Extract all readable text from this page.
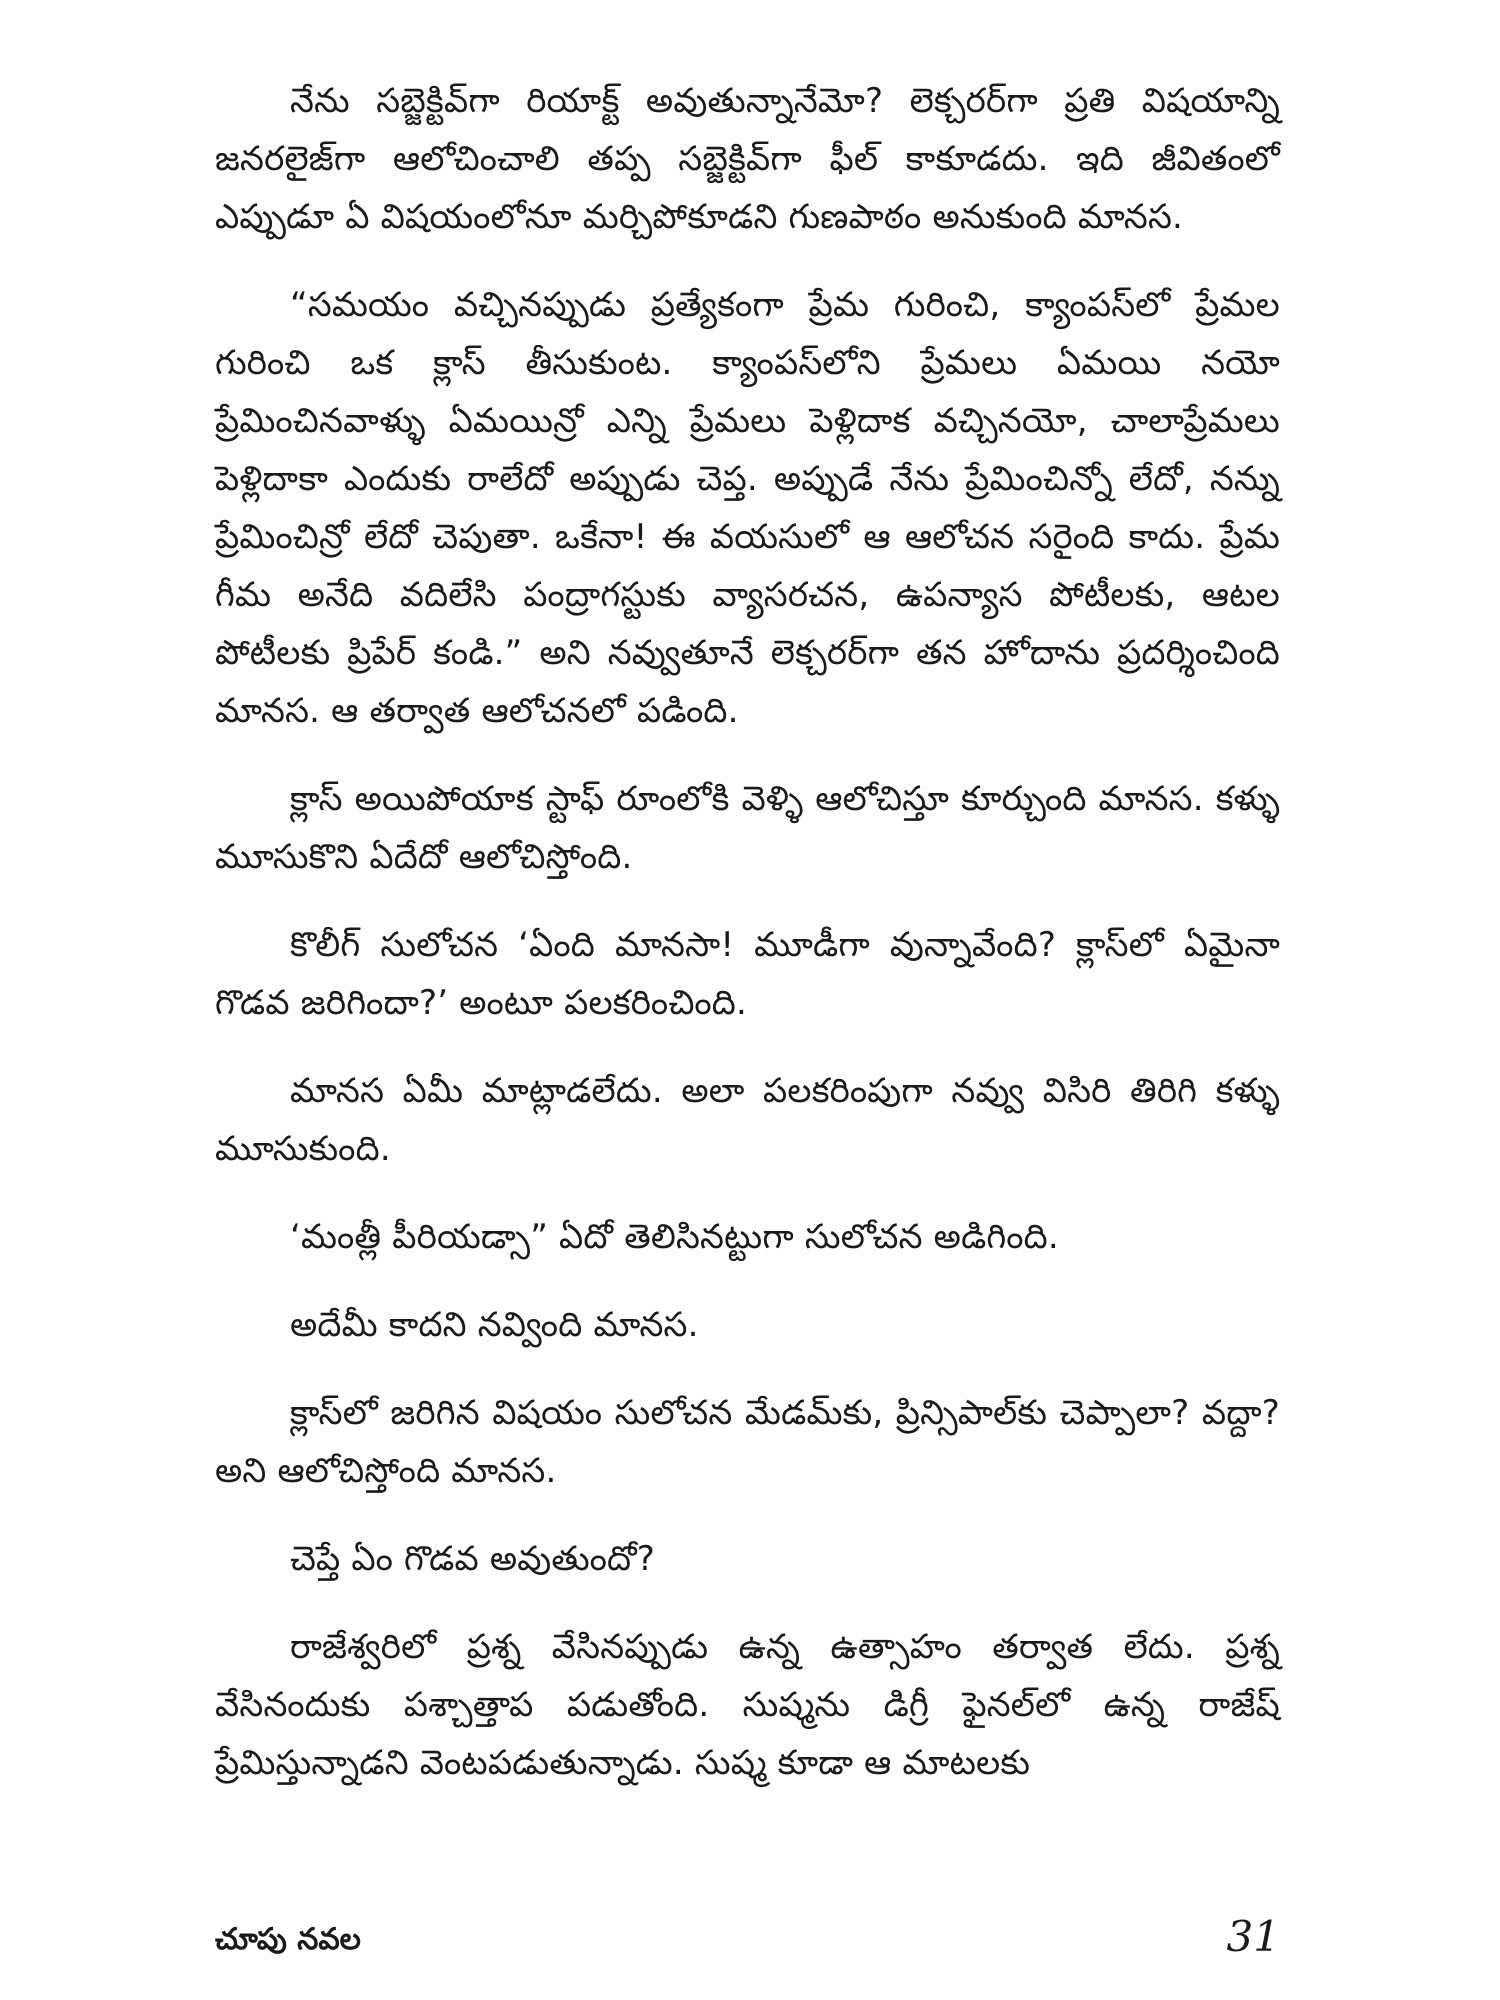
నేను సబ్జెక్టివ్‌గా రియాక్ట్ అవుతున్నానేమో? లెక్చరర్‌గా ప్రతి విషయాన్ని జనరలైజ్‌గా ఆలోచించాలి తప్ప సబ్జెక్టివ్‌గా ఫీల్ కాకూడదు. ఇది జీవితంలో ఎప్పుడూ ఏ విషయంలోనూ మర్చిపోకూడని గుణపాఠం అనుకుంది మానస.

“సమయం వచ్చినప్పుడు ప్రత్యేకంగా ప్రేమ గురించి, క్యాంపస్‌లో ప్రేమల గురించి ఒక క్లాస్ తీసుకుంట. క్యాంపస్‌లోని ప్రేమలు ఏమయి నయో ప్రేమించినవాళ్ళు ఏమయిన్రో ఎన్ని ప్రేమలు పెళ్లిదాక వచ్చినయో, చాలాప్రేమలు పెళ్లిదాకా ఎందుకు రాలేదో అప్పుడు చెప్త. అప్పుడే నేను ప్రేమించిన్నో లేదో, నన్ను ప్రేమించిన్రో లేదో చెపుతా. ఒకేనా! ఈ వయసులో ఆ ఆలోచన సరైంది కాదు. ప్రేమ గీమ అనేది వదిలేసి పంద్రాగస్టుకు వ్యాసరచన, ఉపన్యాస పోటీలకు, ఆటల పోటీలకు ప్రిపేర్ కండి.” అని నవ్వుతూనే లెక్చరర్‌గా తన హోదాను ప్రదర్శించింది మానస. ఆ తర్వాత ఆలోచనలో పడింది.

క్లాస్ అయిపోయాక స్టాఫ్ రూంలోకి వెళ్ళి ఆలోచిస్తూ కూర్చుంది మానస. కళ్ళు మూసుకొని ఏదేదో ఆలోచిస్తోంది.

కొలీగ్ సులోచన ‘ఏంది మానసా! మూడీగా వున్నావేంది? క్లాస్‌లో ఏమైనా గొడవ జరిగిందా?’ అంటూ పలకరించింది.

మానస ఏమీ మాట్లాడలేదు. అలా పలకరింపుగా నవ్వు విసిరి తిరిగి కళ్ళు మూసుకుంది.

‘మంత్లీ పీరియడ్సా” ఏదో తెలిసినట్టుగా సులోచన అడిగింది.

అదేమీ కాదని నవ్వింది మానస.

క్లాస్‌లో జరిగిన విషయం సులోచన మేడమ్‌కు, ప్రిన్సిపాల్‌కు చెప్పాలా? వద్దా? అని ఆలోచిస్తోంది మానస.

చెప్తే ఏం గొడవ అవుతుందో?

రాజేశ్వరిలో ప్రశ్న వేసినప్పుడు ఉన్న ఉత్సాహం తర్వాత లేదు. ప్రశ్న వేసినందుకు పశ్చాత్తాప పడుతోంది. సుష్మను డిగ్రీ ఫైనల్‌లో ఉన్న రాజేష్ ప్రేమిస్తున్నాడని వెంటపడుతున్నాడు. సుష్మ కూడా ఆ మాటలకు

చూపు నవల	31
